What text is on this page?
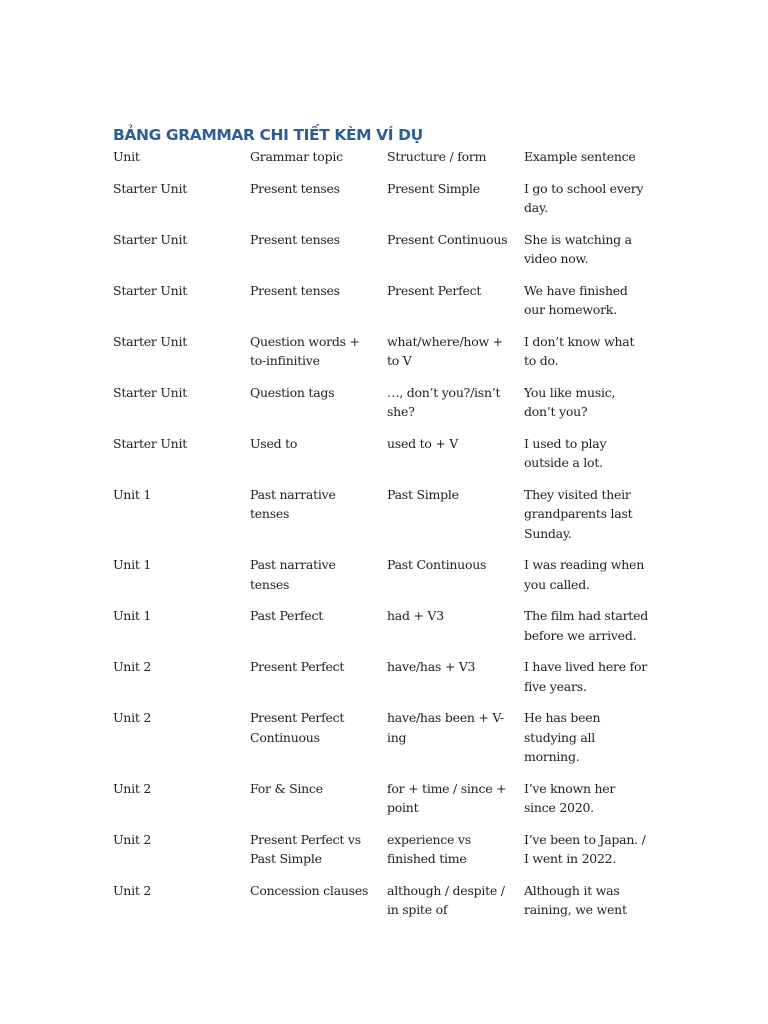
BẢNG GRAMMAR CHI TIẾT KÈM VÍ DỤ
Unit	Grammar topic	Structure / form	Example sentence
Starter Unit	Present tenses	Present Simple	I go to school every day.
Starter Unit	Present tenses	Present Continuous	She is watching a video now.
Starter Unit	Present tenses	Present Perfect	We have finished our homework.
Starter Unit	Question words + to-infinitive	what/where/how + to V	I don’t know what to do.
Starter Unit	Question tags	…, don’t you?/isn’t she?	You like music, don’t you?
Starter Unit	Used to	used to + V	I used to play outside a lot.
Unit 1	Past narrative tenses	Past Simple	They visited their grandparents last Sunday.
Unit 1	Past narrative tenses	Past Continuous	I was reading when you called.
Unit 1	Past Perfect	had + V3	The film had started before we arrived.
Unit 2	Present Perfect	have/has + V3	I have lived here for five years.
Unit 2	Present Perfect Continuous	have/has been + V-ing	He has been studying all morning.
Unit 2	For & Since	for + time / since + point	I’ve known her since 2020.
Unit 2	Present Perfect vs Past Simple	experience vs finished time	I’ve been to Japan. / I went in 2022.
Unit 2	Concession clauses	although / despite / in spite of	Although it was raining, we went
